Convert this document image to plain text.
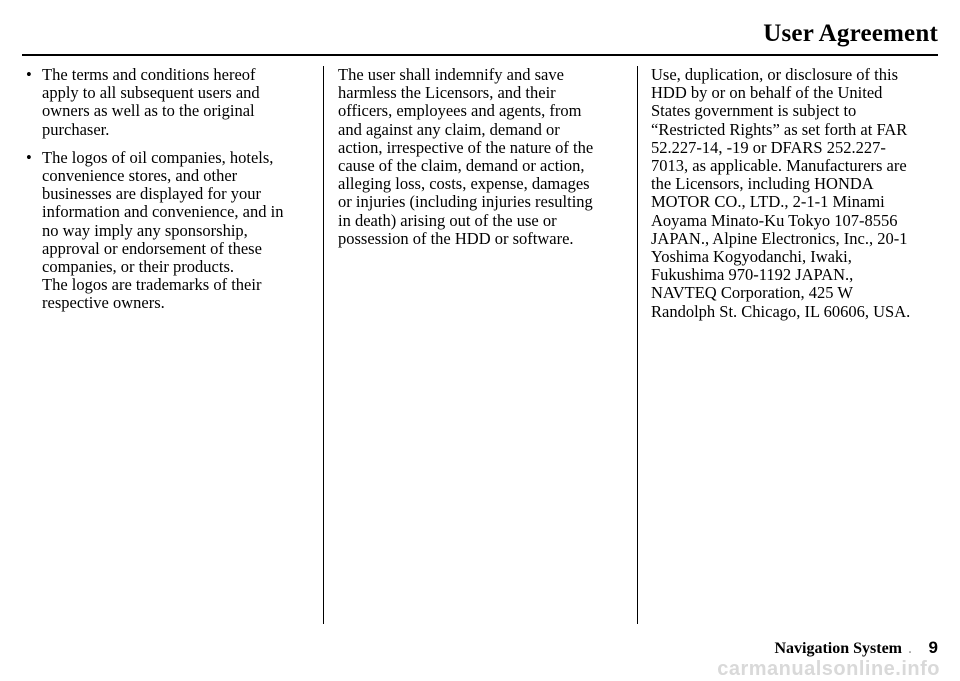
User Agreement
• The terms and conditions hereof
apply to all subsequent users and
owners as well as to the original
purchaser.
• The logos of oil companies, hotels,
convenience stores, and other
businesses are displayed for your
information and convenience, and in
no way imply any sponsorship,
approval or endorsement of these
companies, or their products.
The logos are trademarks of their
respective owners.
The user shall indemnify and save
harmless the Licensors, and their
officers, employees and agents, from
and against any claim, demand or
action, irrespective of the nature of the
cause of the claim, demand or action,
alleging loss, costs, expense, damages
or injuries (including injuries resulting
in death) arising out of the use or
possession of the HDD or software.
Use, duplication, or disclosure of this
HDD by or on behalf of the United
States government is subject to
“Restricted Rights” as set forth at FAR
52.227-14, -19 or DFARS 252.227-
7013, as applicable. Manufacturers are
the Licensors, including HONDA
MOTOR CO., LTD., 2-1-1 Minami
Aoyama Minato-Ku Tokyo 107-8556
JAPAN., Alpine Electronics, Inc., 20-1
Yoshima Kogyodanchi, Iwaki,
Fukushima 970-1192 JAPAN.,
NAVTEQ Corporation, 425 W
Randolph St. Chicago, IL 60606, USA.
Navigation System . 9
carmanualsonline.info
